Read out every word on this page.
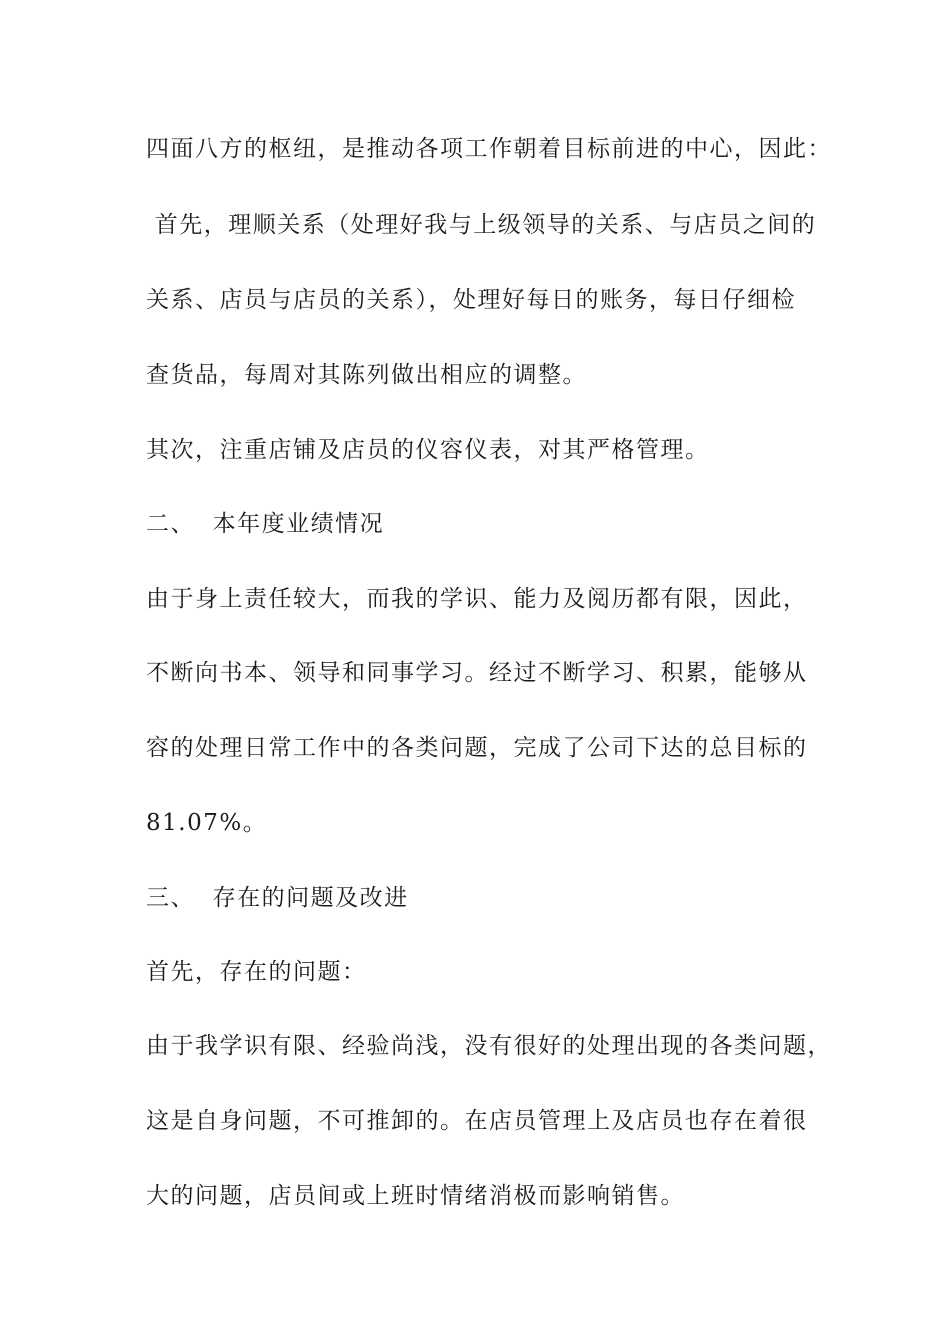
四面八方的枢纽，是推动各项工作朝着目标前进的中心，因此：

首先，理顺关系（处理好我与上级领导的关系、与店员之间的

关系、店员与店员的关系），处理好每日的账务，每日仔细检

查货品，每周对其陈列做出相应的调整。

其次，注重店铺及店员的仪容仪表，对其严格管理。

二、  本年度业绩情况

由于身上责任较大，而我的学识、能力及阅历都有限，因此，

不断向书本、领导和同事学习。经过不断学习、积累，能够从

容的处理日常工作中的各类问题，完成了公司下达的总目标的

81.07%。

三、  存在的问题及改进

首先，存在的问题：

由于我学识有限、经验尚浅，没有很好的处理出现的各类问题，

这是自身问题，不可推卸的。在店员管理上及店员也存在着很

大的问题，店员间或上班时情绪消极而影响销售。
